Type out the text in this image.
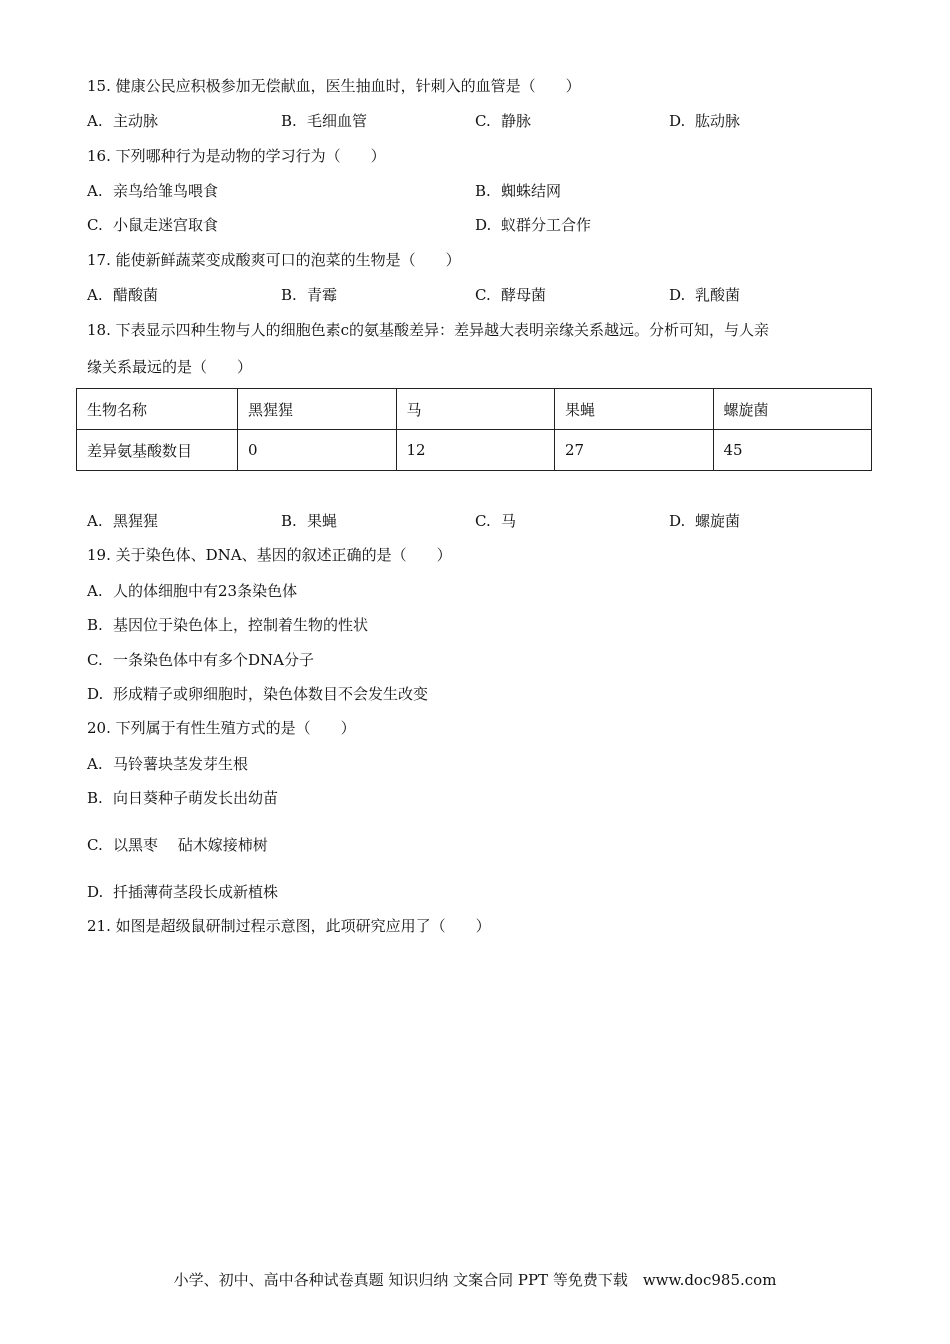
15. 健康公民应积极参加无偿献血，医生抽血时，针刺入的血管是（　　）
A. 主动脉	B. 毛细血管	C. 静脉	D. 肱动脉
16. 下列哪种行为是动物的学习行为（　　）
A. 亲鸟给雏鸟喂食	B. 蜘蛛结网
C. 小鼠走迷宫取食	D. 蚁群分工合作
17. 能使新鲜蔬菜变成酸爽可口的泡菜的生物是（　　）
A. 醋酸菌	B. 青霉	C. 酵母菌	D. 乳酸菌
18. 下表显示四种生物与人的细胞色素c的氨基酸差异：差异越大表明亲缘关系越远。分析可知，与人亲
缘关系最远的是（　　）
生物名称	黑猩猩	马	果蝇	螺旋菌
差异氨基酸数目	0	12	27	45
A. 黑猩猩	B. 果蝇	C. 马	D. 螺旋菌
19. 关于染色体、DNA、基因的叙述正确的是（　　）
A. 人的体细胞中有23条染色体
B. 基因位于染色体上，控制着生物的性状
C. 一条染色体中有多个DNA分子
D. 形成精子或卵细胞时，染色体数目不会发生改变
20. 下列属于有性生殖方式的是（　　）
A. 马铃薯块茎发芽生根
B. 向日葵种子萌发长出幼苗
C. 以黑枣　 砧木嫁接柿树
D. 扦插薄荷茎段长成新植株
21. 如图是超级鼠研制过程示意图，此项研究应用了（　　）
小学、初中、高中各种试卷真题 知识归纳 文案合同 PPT 等免费下载　www.doc985.com
